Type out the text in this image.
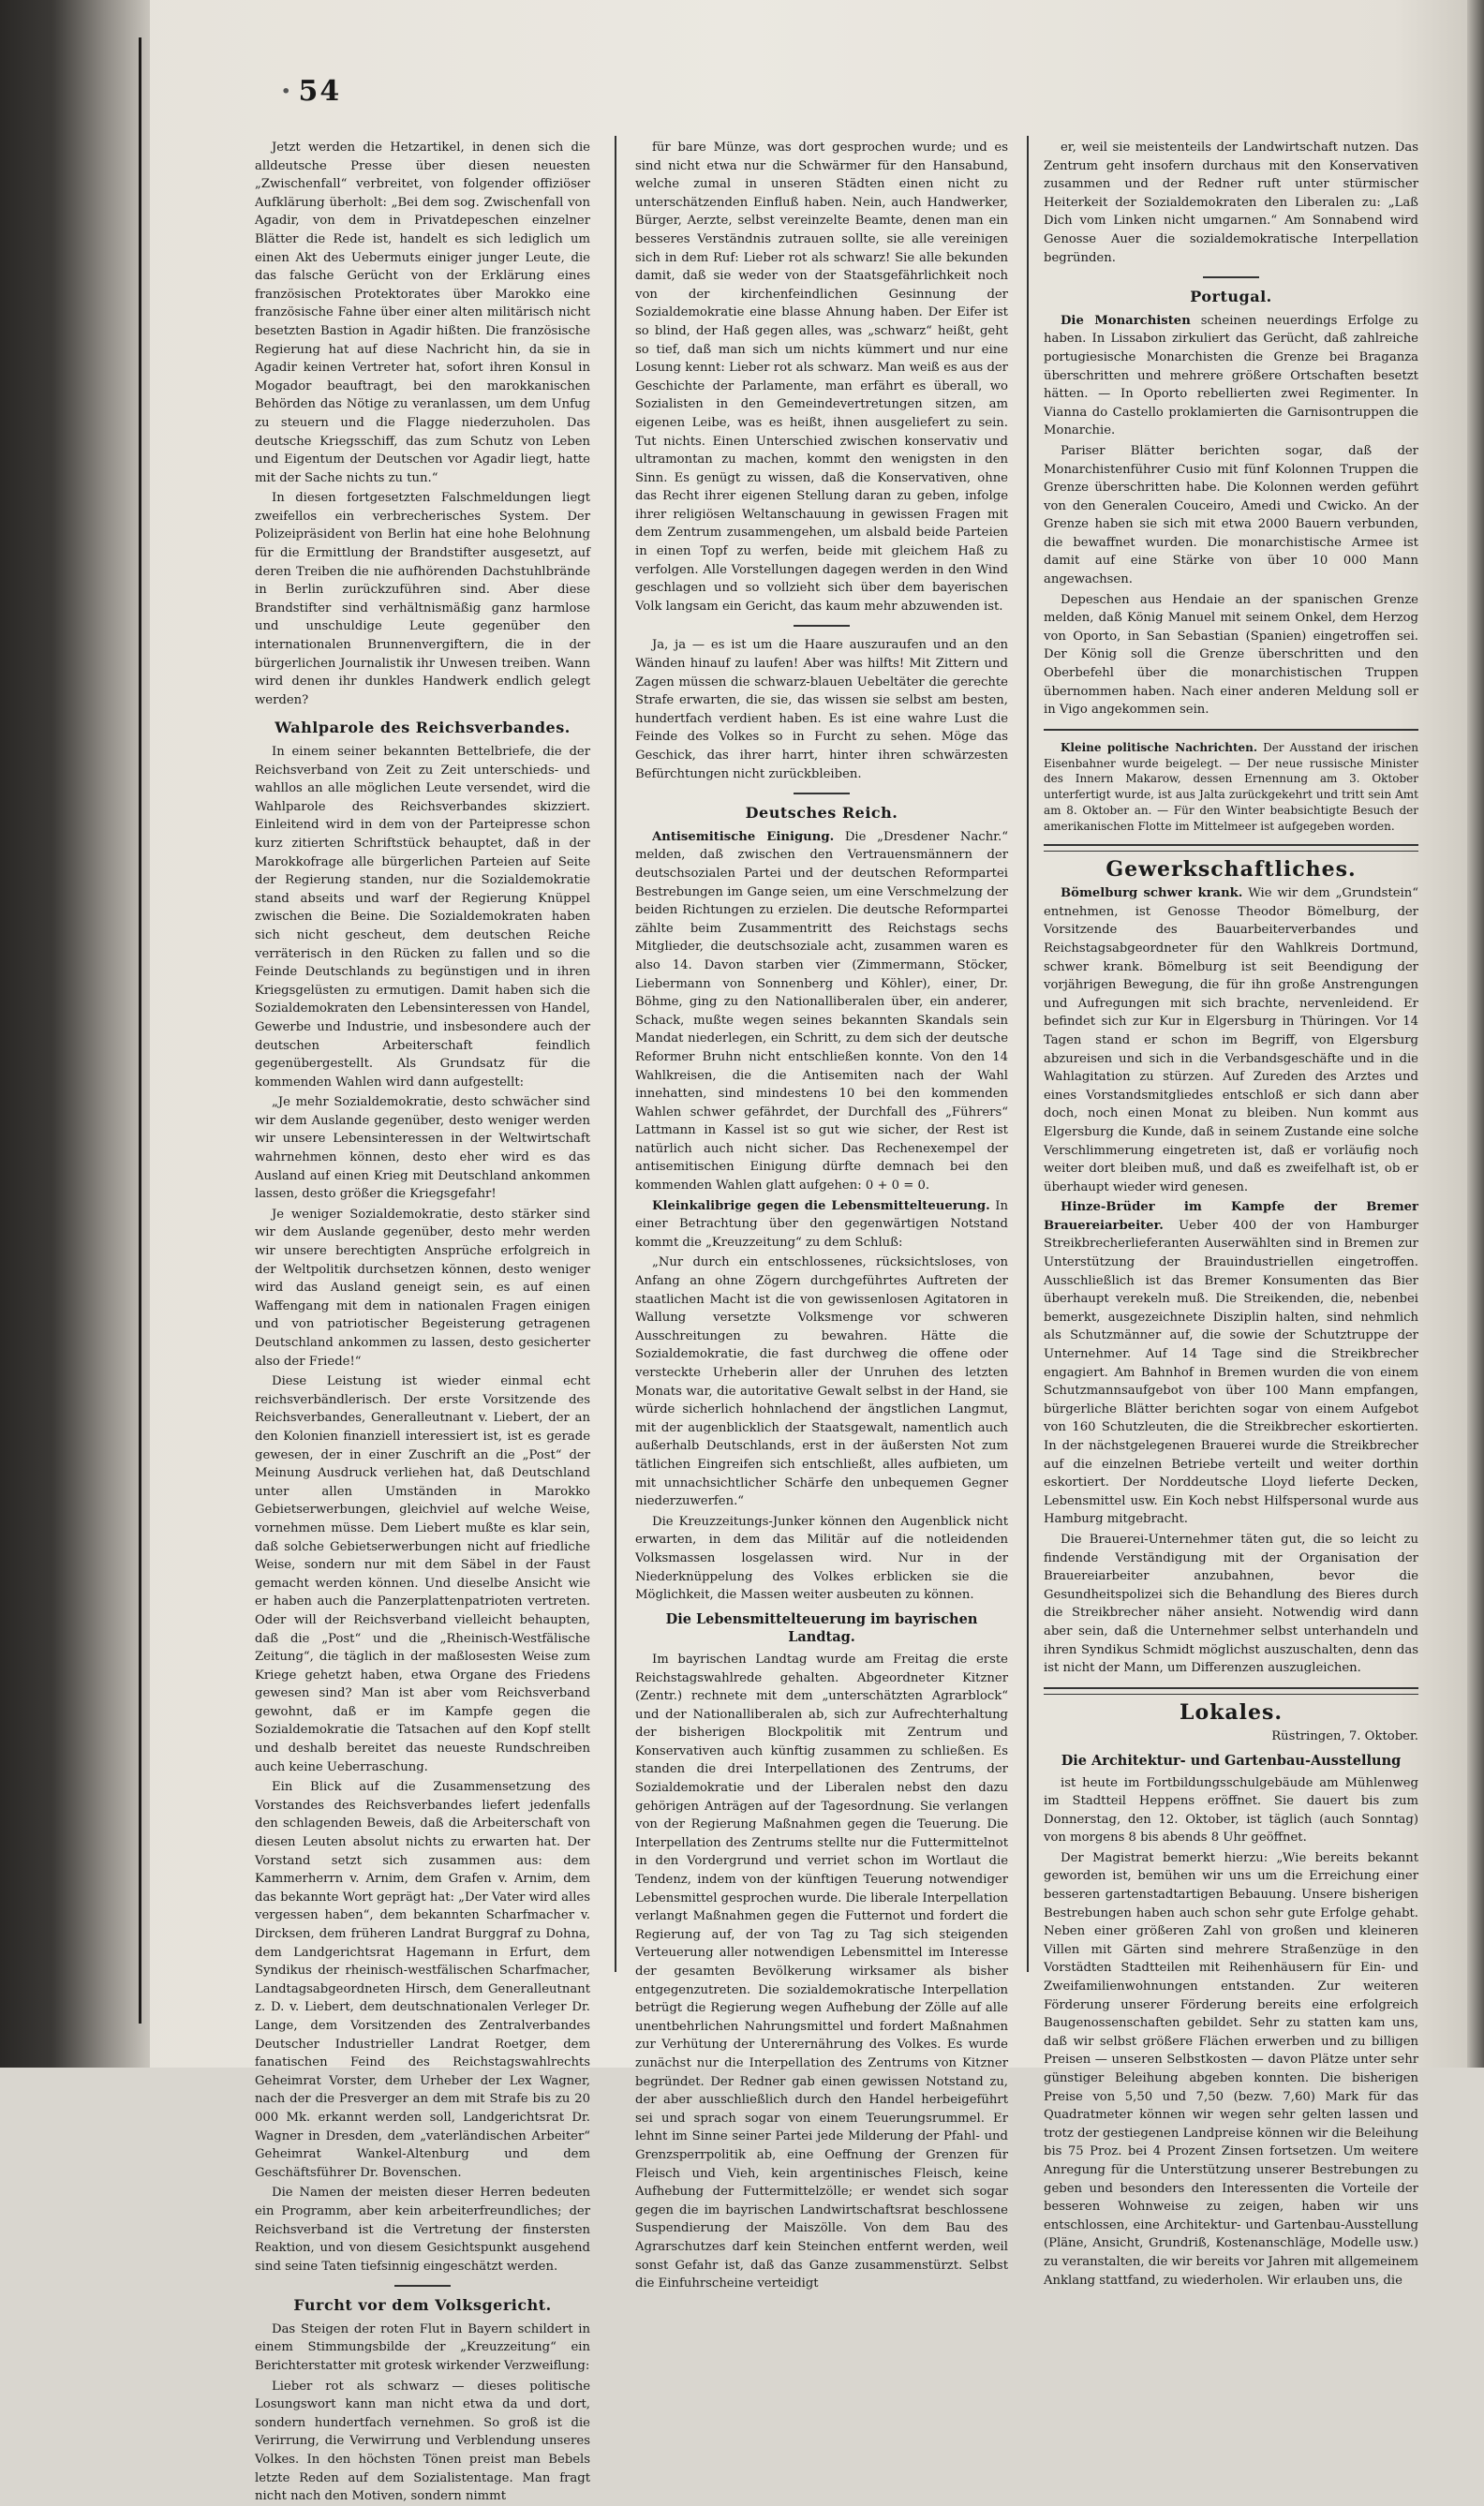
· 54

Jetzt werden die Hetzartikel, in denen sich die alldeutsche Presse über diesen neuesten „Zwischenfall“ verbreitet, von folgender offiziöser Aufklärung überholt: „Bei dem sog. Zwischenfall von Agadir, von dem in Privatdepeschen einzelner Blätter die Rede ist, handelt es sich lediglich um einen Akt des Uebermuts einiger junger Leute, die das falsche Gerücht von der Erklärung eines französischen Protektorates über Marokko eine französische Fahne über einer alten militärisch nicht besetzten Bastion in Agadir hißten. Die französische Regierung hat auf diese Nachricht hin, da sie in Agadir keinen Vertreter hat, sofort ihren Konsul in Mogador beauftragt, bei den marokkanischen Behörden das Nötige zu veranlassen, um dem Unfug zu steuern und die Flagge niederzuholen. Das deutsche Kriegsschiff, das zum Schutz von Leben und Eigentum der Deutschen vor Agadir liegt, hatte mit der Sache nichts zu tun.“

In diesen fortgesetzten Falschmeldungen liegt zweifellos ein verbrecherisches System. Der Polizeipräsident von Berlin hat eine hohe Belohnung für die Ermittlung der Brandstifter ausgesetzt, auf deren Treiben die nie aufhörenden Dachstuhlbrände in Berlin zurückzuführen sind. Aber diese Brandstifter sind verhältnismäßig ganz harmlose und unschuldige Leute gegenüber den internationalen Brunnenvergiftern, die in der bürgerlichen Journalistik ihr Unwesen treiben. Wann wird denen ihr dunkles Handwerk endlich gelegt werden?

Wahlparole des Reichsverbandes.

In einem seiner bekannten Bettelbriefe, die der Reichsverband von Zeit zu Zeit unterschieds- und wahllos an alle möglichen Leute versendet, wird die Wahlparole des Reichsverbandes skizziert. Einleitend wird in dem von der Parteipresse schon kurz zitierten Schriftstück behauptet, daß in der Marokkofrage alle bürgerlichen Parteien auf Seite der Regierung standen, nur die Sozialdemokratie stand abseits und warf der Regierung Knüppel zwischen die Beine. Die Sozialdemokraten haben sich nicht gescheut, dem deutschen Reiche verräterisch in den Rücken zu fallen und so die Feinde Deutschlands zu begünstigen und in ihren Kriegsgelüsten zu ermutigen. Damit haben sich die Sozialdemokraten den Lebensinteressen von Handel, Gewerbe und Industrie, und insbesondere auch der deutschen Arbeiterschaft feindlich gegenübergestellt. Als Grundsatz für die kommenden Wahlen wird dann aufgestellt:

„Je mehr Sozialdemokratie, desto schwächer sind wir dem Auslande gegenüber, desto weniger werden wir unsere Lebensinteressen in der Weltwirtschaft wahrnehmen können, desto eher wird es das Ausland auf einen Krieg mit Deutschland ankommen lassen, desto größer die Kriegsgefahr!

Je weniger Sozialdemokratie, desto stärker sind wir dem Auslande gegenüber, desto mehr werden wir unsere berechtigten Ansprüche erfolgreich in der Weltpolitik durchsetzen können, desto weniger wird das Ausland geneigt sein, es auf einen Waffengang mit dem in nationalen Fragen einigen und von patriotischer Begeisterung getragenen Deutschland ankommen zu lassen, desto gesicherter also der Friede!“

Diese Leistung ist wieder einmal echt reichsverbändlerisch. Der erste Vorsitzende des Reichsverbandes, Generalleutnant v. Liebert, der an den Kolonien finanziell interessiert ist, ist es gerade gewesen, der in einer Zuschrift an die „Post“ der Meinung Ausdruck verliehen hat, daß Deutschland unter allen Umständen in Marokko Gebietserwerbungen, gleichviel auf welche Weise, vornehmen müsse. Dem Liebert mußte es klar sein, daß solche Gebietserwerbungen nicht auf friedliche Weise, sondern nur mit dem Säbel in der Faust gemacht werden können. Und dieselbe Ansicht wie er haben auch die Panzerplattenpatrioten vertreten. Oder will der Reichsverband vielleicht behaupten, daß die „Post“ und die „Rheinisch-Westfälische Zeitung“, die täglich in der maßlosesten Weise zum Kriege gehetzt haben, etwa Organe des Friedens gewesen sind? Man ist aber vom Reichsverband gewohnt, daß er im Kampfe gegen die Sozialdemokratie die Tatsachen auf den Kopf stellt und deshalb bereitet das neueste Rundschreiben auch keine Ueberraschung.

Ein Blick auf die Zusammensetzung des Vorstandes des Reichsverbandes liefert jedenfalls den schlagenden Beweis, daß die Arbeiterschaft von diesen Leuten absolut nichts zu erwarten hat. Der Vorstand setzt sich zusammen aus: dem Kammerherrn v. Arnim, dem Grafen v. Arnim, dem das bekannte Wort geprägt hat: „Der Vater wird alles vergessen haben“, dem bekannten Scharfmacher v. Dircksen, dem früheren Landrat Burggraf zu Dohna, dem Landgerichtsrat Hagemann in Erfurt, dem Syndikus der rheinisch-westfälischen Scharfmacher, Landtagsabgeordneten Hirsch, dem Generalleutnant z. D. v. Liebert, dem deutschnationalen Verleger Dr. Lange, dem Vorsitzenden des Zentralverbandes Deutscher Industrieller Landrat Roetger, dem fanatischen Feind des Reichstagswahlrechts Geheimrat Vorster, dem Urheber der Lex Wagner, nach der die Presverger an dem mit Strafe bis zu 20 000 Mk. erkannt werden soll, Landgerichtsrat Dr. Wagner in Dresden, dem „vaterländischen Arbeiter“ Geheimrat Wankel-Altenburg und dem Geschäftsführer Dr. Bovenschen.

Die Namen der meisten dieser Herren bedeuten ein Programm, aber kein arbeiterfreundliches; der Reichsverband ist die Vertretung der finstersten Reaktion, und von diesem Gesichtspunkt ausgehend sind seine Taten tiefsinnig eingeschätzt werden.

Furcht vor dem Volksgericht.

Das Steigen der roten Flut in Bayern schildert in einem Stimmungsbilde der „Kreuzzeitung“ ein Berichterstatter mit grotesk wirkender Verzweiflung:

Lieber rot als schwarz — dieses politische Losungswort kann man nicht etwa da und dort, sondern hundertfach vernehmen. So groß ist die Verirrung, die Verwirrung und Verblendung unseres Volkes. In den höchsten Tönen preist man Bebels letzte Reden auf dem Sozialistentage. Man fragt nicht nach den Motiven, sondern nimmt

für bare Münze, was dort gesprochen wurde; und es sind nicht etwa nur die Schwärmer für den Hansabund, welche zumal in unseren Städten einen nicht zu unterschätzenden Einfluß haben. Nein, auch Handwerker, Bürger, Aerzte, selbst vereinzelte Beamte, denen man ein besseres Verständnis zutrauen sollte, sie alle vereinigen sich in dem Ruf: Lieber rot als schwarz! Sie alle bekunden damit, daß sie weder von der Staatsgefährlichkeit noch von der kirchenfeindlichen Gesinnung der Sozialdemokratie eine blasse Ahnung haben. Der Eifer ist so blind, der Haß gegen alles, was „schwarz“ heißt, geht so tief, daß man sich um nichts kümmert und nur eine Losung kennt: Lieber rot als schwarz. Man weiß es aus der Geschichte der Parlamente, man erfährt es überall, wo Sozialisten in den Gemeindevertretungen sitzen, am eigenen Leibe, was es heißt, ihnen ausgeliefert zu sein. Tut nichts. Einen Unterschied zwischen konservativ und ultramontan zu machen, kommt den wenigsten in den Sinn. Es genügt zu wissen, daß die Konservativen, ohne das Recht ihrer eigenen Stellung daran zu geben, infolge ihrer religiösen Weltanschauung in gewissen Fragen mit dem Zentrum zusammengehen, um alsbald beide Parteien in einen Topf zu werfen, beide mit gleichem Haß zu verfolgen. Alle Vorstellungen dagegen werden in den Wind geschlagen und so vollzieht sich über dem bayerischen Volk langsam ein Gericht, das kaum mehr abzuwenden ist.

Ja, ja — es ist um die Haare auszuraufen und an den Wänden hinauf zu laufen! Aber was hilfts! Mit Zittern und Zagen müssen die schwarz-blauen Uebeltäter die gerechte Strafe erwarten, die sie, das wissen sie selbst am besten, hundertfach verdient haben. Es ist eine wahre Lust die Feinde des Volkes so in Furcht zu sehen. Möge das Geschick, das ihrer harrt, hinter ihren schwärzesten Befürchtungen nicht zurückbleiben.

Deutsches Reich.

Antisemitische Einigung. Die „Dresdener Nachr.“ melden, daß zwischen den Vertrauensmännern der deutschsozialen Partei und der deutschen Reformpartei Bestrebungen im Gange seien, um eine Verschmelzung der beiden Richtungen zu erzielen. Die deutsche Reformpartei zählte beim Zusammentritt des Reichstags sechs Mitglieder, die deutschsoziale acht, zusammen waren es also 14. Davon starben vier (Zimmermann, Stöcker, Liebermann von Sonnenberg und Köhler), einer, Dr. Böhme, ging zu den Nationalliberalen über, ein anderer, Schack, mußte wegen seines bekannten Skandals sein Mandat niederlegen, ein Schritt, zu dem sich der deutsche Reformer Bruhn nicht entschließen konnte. Von den 14 Wahlkreisen, die die Antisemiten nach der Wahl innehatten, sind mindestens 10 bei den kommenden Wahlen schwer gefährdet, der Durchfall des „Führers“ Lattmann in Kassel ist so gut wie sicher, der Rest ist natürlich auch nicht sicher. Das Rechenexempel der antisemitischen Einigung dürfte demnach bei den kommenden Wahlen glatt aufgehen: 0 + 0 = 0.

Kleinkalibrige gegen die Lebensmittelteuerung. In einer Betrachtung über den gegenwärtigen Notstand kommt die „Kreuzzeitung“ zu dem Schluß:

„Nur durch ein entschlossenes, rücksichtsloses, von Anfang an ohne Zögern durchgeführtes Auftreten der staatlichen Macht ist die von gewissenlosen Agitatoren in Wallung versetzte Volksmenge vor schweren Ausschreitungen zu bewahren. Hätte die Sozialdemokratie, die fast durchweg die offene oder versteckte Urheberin aller der Unruhen des letzten Monats war, die autoritative Gewalt selbst in der Hand, sie würde sicherlich hohnlachend der ängstlichen Langmut, mit der augenblicklich der Staatsgewalt, namentlich auch außerhalb Deutschlands, erst in der äußersten Not zum tätlichen Eingreifen sich entschließt, alles aufbieten, um mit unnachsichtlicher Schärfe den unbequemen Gegner niederzuwerfen.“

Die Kreuzzeitungs-Junker können den Augenblick nicht erwarten, in dem das Militär auf die notleidenden Volksmassen losgelassen wird. Nur in der Niederknüppelung des Volkes erblicken sie die Möglichkeit, die Massen weiter ausbeuten zu können.

Die Lebensmittelteuerung im bayrischen Landtag.

Im bayrischen Landtag wurde am Freitag die erste Reichstagswahlrede gehalten. Abgeordneter Kitzner (Zentr.) rechnete mit dem „unterschätzten Agrarblock“ und der Nationalliberalen ab, sich zur Aufrechterhaltung der bisherigen Blockpolitik mit Zentrum und Konservativen auch künftig zusammen zu schließen. Es standen die drei Interpellationen des Zentrums, der Sozialdemokratie und der Liberalen nebst den dazu gehörigen Anträgen auf der Tagesordnung. Sie verlangen von der Regierung Maßnahmen gegen die Teuerung. Die Interpellation des Zentrums stellte nur die Futtermittelnot in den Vordergrund und verriet schon im Wortlaut die Tendenz, indem von der künftigen Teuerung notwendiger Lebensmittel gesprochen wurde. Die liberale Interpellation verlangt Maßnahmen gegen die Futternot und fordert die Regierung auf, der von Tag zu Tag sich steigenden Verteuerung aller notwendigen Lebensmittel im Interesse der gesamten Bevölkerung wirksamer als bisher entgegenzutreten. Die sozialdemokratische Interpellation betrügt die Regierung wegen Aufhebung der Zölle auf alle unentbehrlichen Nahrungsmittel und fordert Maßnahmen zur Verhütung der Unterernährung des Volkes. Es wurde zunächst nur die Interpellation des Zentrums von Kitzner begründet. Der Redner gab einen gewissen Notstand zu, der aber ausschließlich durch den Handel herbeigeführt sei und sprach sogar von einem Teuerungsrummel. Er lehnt im Sinne seiner Partei jede Milderung der Pfahl- und Grenzsperrpolitik ab, eine Oeffnung der Grenzen für Fleisch und Vieh, kein argentinisches Fleisch, keine Aufhebung der Futtermittelzölle; er wendet sich sogar gegen die im bayrischen Landwirtschaftsrat beschlossene Suspendierung der Maiszölle. Von dem Bau des Agrarschutzes darf kein Steinchen entfernt werden, weil sonst Gefahr ist, daß das Ganze zusammenstürzt. Selbst die Einfuhrscheine verteidigt

er, weil sie meistenteils der Landwirtschaft nutzen. Das Zentrum geht insofern durchaus mit den Konservativen zusammen und der Redner ruft unter stürmischer Heiterkeit der Sozialdemokraten den Liberalen zu: „Laß Dich vom Linken nicht umgarnen.“ Am Sonnabend wird Genosse Auer die sozialdemokratische Interpellation begründen.

Portugal.

Die Monarchisten scheinen neuerdings Erfolge zu haben. In Lissabon zirkuliert das Gerücht, daß zahlreiche portugiesische Monarchisten die Grenze bei Braganza überschritten und mehrere größere Ortschaften besetzt hätten. — In Oporto rebellierten zwei Regimenter. In Vianna do Castello proklamierten die Garnisontruppen die Monarchie.

Pariser Blätter berichten sogar, daß der Monarchistenführer Cusio mit fünf Kolonnen Truppen die Grenze überschritten habe. Die Kolonnen werden geführt von den Generalen Couceiro, Amedi und Cwicko. An der Grenze haben sie sich mit etwa 2000 Bauern verbunden, die bewaffnet wurden. Die monarchistische Armee ist damit auf eine Stärke von über 10 000 Mann angewachsen.

Depeschen aus Hendaie an der spanischen Grenze melden, daß König Manuel mit seinem Onkel, dem Herzog von Oporto, in San Sebastian (Spanien) eingetroffen sei. Der König soll die Grenze überschritten und den Oberbefehl über die monarchistischen Truppen übernommen haben. Nach einer anderen Meldung soll er in Vigo angekommen sein.

Kleine politische Nachrichten. Der Ausstand der irischen Eisenbahner wurde beigelegt. — Der neue russische Minister des Innern Makarow, dessen Ernennung am 3. Oktober unterfertigt wurde, ist aus Jalta zurückgekehrt und tritt sein Amt am 8. Oktober an. — Für den Winter beabsichtigte Besuch der amerikanischen Flotte im Mittelmeer ist aufgegeben worden.

Gewerkschaftliches.

Bömelburg schwer krank. Wie wir dem „Grundstein“ entnehmen, ist Genosse Theodor Bömelburg, der Vorsitzende des Bauarbeiterverbandes und Reichstagsabgeordneter für den Wahlkreis Dortmund, schwer krank. Bömelburg ist seit Beendigung der vorjährigen Bewegung, die für ihn große Anstrengungen und Aufregungen mit sich brachte, nervenleidend. Er befindet sich zur Kur in Elgersburg in Thüringen. Vor 14 Tagen stand er schon im Begriff, von Elgersburg abzureisen und sich in die Verbandsgeschäfte und in die Wahlagitation zu stürzen. Auf Zureden des Arztes und eines Vorstandsmitgliedes entschloß er sich dann aber doch, noch einen Monat zu bleiben. Nun kommt aus Elgersburg die Kunde, daß in seinem Zustande eine solche Verschlimmerung eingetreten ist, daß er vorläufig noch weiter dort bleiben muß, und daß es zweifelhaft ist, ob er überhaupt wieder wird genesen.

Hinze-Brüder im Kampfe der Bremer Brauereiarbeiter. Ueber 400 der von Hamburger Streikbrecherlieferanten Auserwählten sind in Bremen zur Unterstützung der Brauindustriellen eingetroffen. Ausschließlich ist das Bremer Konsumenten das Bier überhaupt verekeln muß. Die Streikenden, die, nebenbei bemerkt, ausgezeichnete Disziplin halten, sind nehmlich als Schutzmänner auf, die sowie der Schutztruppe der Unternehmer. Auf 14 Tage sind die Streikbrecher engagiert. Am Bahnhof in Bremen wurden die von einem Schutzmannsaufgebot von über 100 Mann empfangen, bürgerliche Blätter berichten sogar von einem Aufgebot von 160 Schutzleuten, die die Streikbrecher eskortierten. In der nächstgelegenen Brauerei wurde die Streikbrecher auf die einzelnen Betriebe verteilt und weiter dorthin eskortiert. Der Norddeutsche Lloyd lieferte Decken, Lebensmittel usw. Ein Koch nebst Hilfspersonal wurde aus Hamburg mitgebracht.

Die Brauerei-Unternehmer täten gut, die so leicht zu findende Verständigung mit der Organisation der Brauereiarbeiter anzubahnen, bevor die Gesundheitspolizei sich die Behandlung des Bieres durch die Streikbrecher näher ansieht. Notwendig wird dann aber sein, daß die Unternehmer selbst unterhandeln und ihren Syndikus Schmidt möglichst auszuschalten, denn das ist nicht der Mann, um Differenzen auszugleichen.

Lokales.
Rüstringen, 7. Oktober.
Die Architektur- und Gartenbau-Ausstellung

ist heute im Fortbildungsschulgebäude am Mühlenweg im Stadtteil Heppens eröffnet. Sie dauert bis zum Donnerstag, den 12. Oktober, ist täglich (auch Sonntag) von morgens 8 bis abends 8 Uhr geöffnet.

Der Magistrat bemerkt hierzu: „Wie bereits bekannt geworden ist, bemühen wir uns um die Erreichung einer besseren gartenstadtartigen Bebauung. Unsere bisherigen Bestrebungen haben auch schon sehr gute Erfolge gehabt. Neben einer größeren Zahl von großen und kleineren Villen mit Gärten sind mehrere Straßenzüge in den Vorstädten Stadtteilen mit Reihenhäusern für Ein- und Zweifamilienwohnungen entstanden. Zur weiteren Förderung unserer Förderung bereits eine erfolgreich Baugenossenschaften gebildet. Sehr zu statten kam uns, daß wir selbst größere Flächen erwerben und zu billigen Preisen — unseren Selbstkosten — davon Plätze unter sehr günstiger Beleihung abgeben konnten. Die bisherigen Preise von 5,50 und 7,50 (bezw. 7,60) Mark für das Quadratmeter können wir wegen sehr gelten lassen und trotz der gestiegenen Landpreise können wir die Beleihung bis 75 Proz. bei 4 Prozent Zinsen fortsetzen. Um weitere Anregung für die Unterstützung unserer Bestrebungen zu geben und besonders den Interessenten die Vorteile der besseren Wohnweise zu zeigen, haben wir uns entschlossen, eine Architektur- und Gartenbau-Ausstellung (Pläne, Ansicht, Grundriß, Kostenanschläge, Modelle usw.) zu veranstalten, die wir bereits vor Jahren mit allgemeinem Anklang stattfand, zu wiederholen. Wir erlauben uns, die
